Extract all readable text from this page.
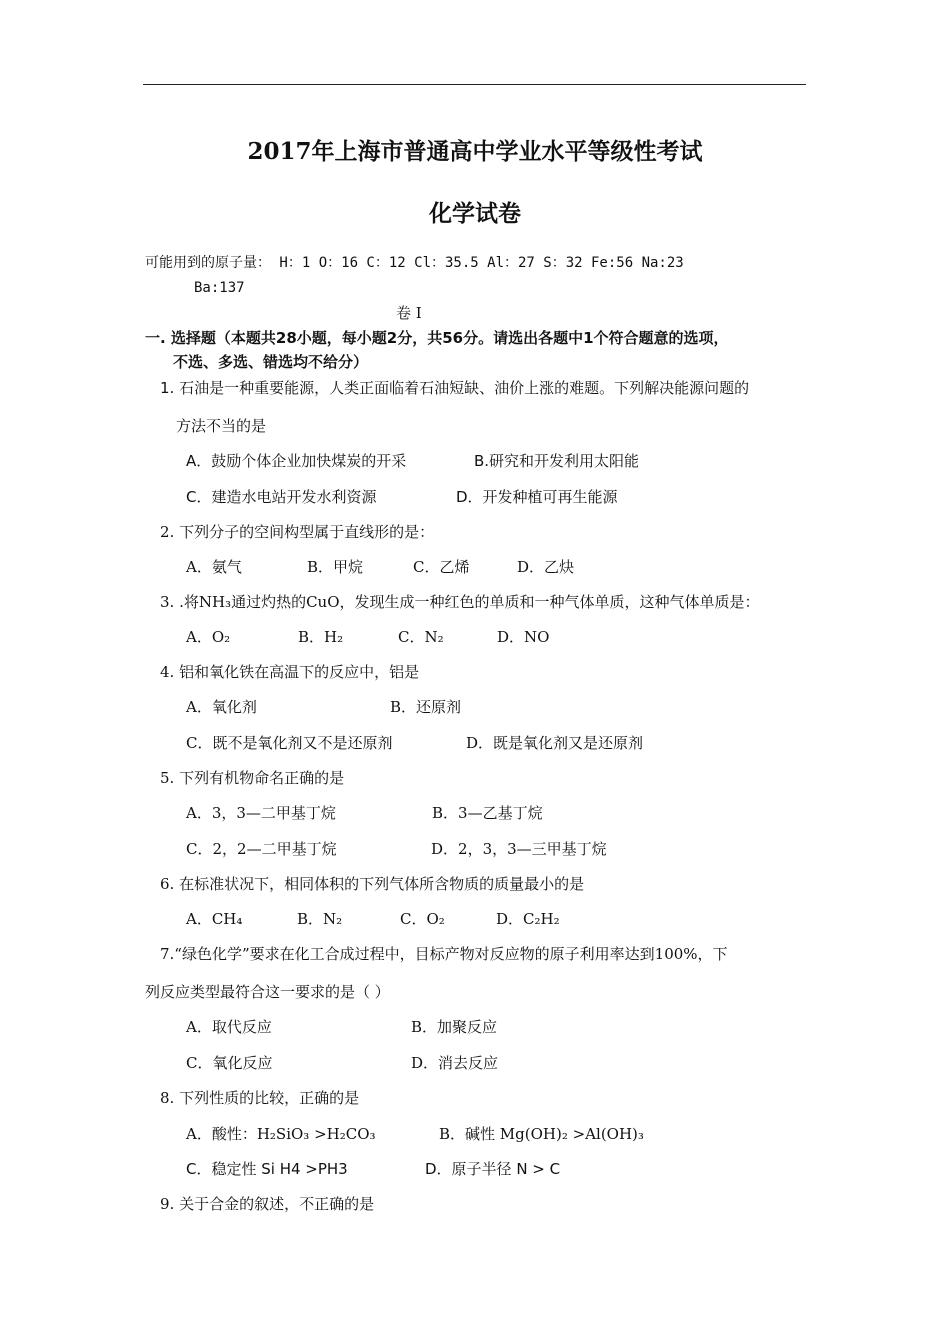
2017年上海市普通高中学业水平等级性考试
化学试卷
可能用到的原子量： H：1 O：16 C：12 Cl：35.5 Al：27 S：32 Fe:56 Na:23
Ba:137
卷 Ⅰ
一. 选择题（本题共28小题，每小题2分，共56分。请选出各题中1个符合题意的选项，
不选、多选、错选均不给分）
1. 石油是一种重要能源，人类正面临着石油短缺、油价上涨的难题。下列解决能源问题的
方法不当的是
A．鼓励个体企业加快煤炭的开采	B.研究和开发利用太阳能
C．建造水电站开发水利资源	D．开发种植可再生能源
2. 下列分子的空间构型属于直线形的是：
A．氨气	B．甲烷	C．乙烯	D．乙炔
3. .将NH₃通过灼热的CuO，发现生成一种红色的单质和一种气体单质，这种气体单质是：
A．O₂	B．H₂	C．N₂	D．NO
4. 铝和氧化铁在高温下的反应中，铝是
A．氧化剂	B．还原剂
C．既不是氧化剂又不是还原剂	D．既是氧化剂又是还原剂
5. 下列有机物命名正确的是
A．3，3—二甲基丁烷	B．3—乙基丁烷
C．2，2—二甲基丁烷	D．2，3，3—三甲基丁烷
6. 在标准状况下，相同体积的下列气体所含物质的质量最小的是
A．CH₄	B．N₂	C．O₂	D．C₂H₂
7.“绿色化学”要求在化工合成过程中，目标产物对反应物的原子利用率达到100%，下
列反应类型最符合这一要求的是（ ）
A．取代反应	B．加聚反应
C．氧化反应	D．消去反应
8. 下列性质的比较，正确的是
A．酸性：H₂SiO₃ >H₂CO₃	B．碱性 Mg(OH)₂ >Al(OH)₃
C．稳定性 Si H4 >PH3	D．原子半径 N > C
9. 关于合金的叙述，不正确的是
